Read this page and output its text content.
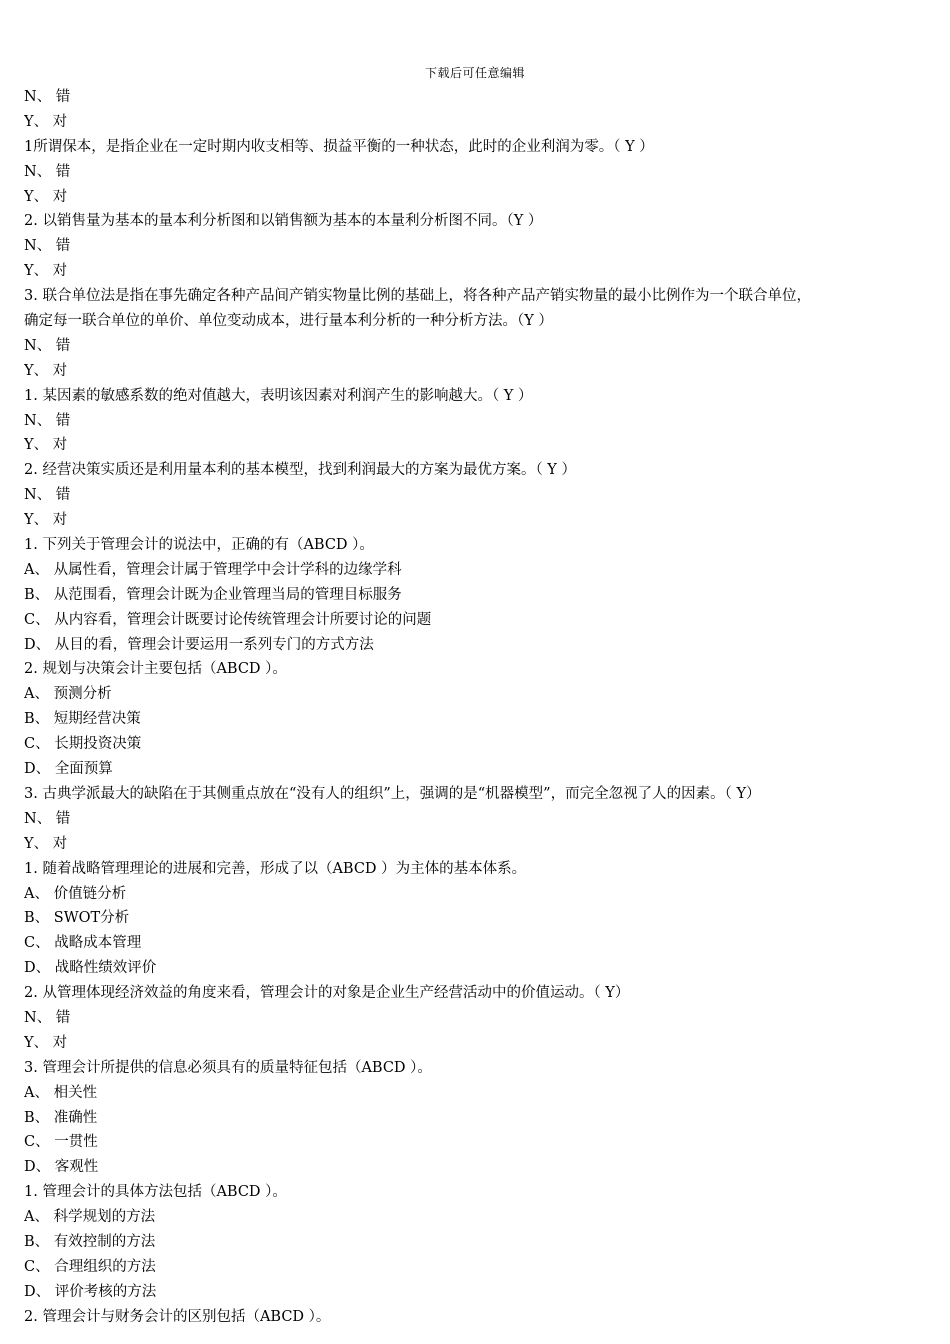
下载后可任意编辑
N、 错
Y、 对
1所谓保本，是指企业在一定时期内收支相等、损益平衡的一种状态，此时的企业利润为零。（ Y ）
N、 错
Y、 对
2. 以销售量为基本的量本利分析图和以销售额为基本的本量利分析图不同。（Y ）
N、 错
Y、 对
3. 联合单位法是指在事先确定各种产品间产销实物量比例的基础上，将各种产品产销实物量的最小比例作为一个联合单位，
确定每一联合单位的单价、单位变动成本，进行量本利分析的一种分析方法。（Y ）
N、 错
Y、 对
1. 某因素的敏感系数的绝对值越大，表明该因素对利润产生的影响越大。（ Y ）
N、 错
Y、 对
2. 经营决策实质还是利用量本利的基本模型，找到利润最大的方案为最优方案。（ Y ）
N、 错
Y、 对
1. 下列关于管理会计的说法中，正确的有（ABCD ）。
A、 从属性看，管理会计属于管理学中会计学科的边缘学科
B、 从范围看，管理会计既为企业管理当局的管理目标服务
C、 从内容看，管理会计既要讨论传统管理会计所要讨论的问题
D、 从目的看，管理会计要运用一系列专门的方式方法
2. 规划与决策会计主要包括（ABCD ）。
A、 预测分析
B、 短期经营决策
C、 长期投资决策
D、 全面预算
3. 古典学派最大的缺陷在于其侧重点放在“没有人的组织”上，强调的是“机器模型”，而完全忽视了人的因素。（ Y）
N、 错
Y、 对
1. 随着战略管理理论的进展和完善，形成了以（ABCD ）为主体的基本体系。
A、 价值链分析
B、 SWOT分析
C、 战略成本管理
D、 战略性绩效评价
2. 从管理体现经济效益的角度来看，管理会计的对象是企业生产经营活动中的价值运动。（ Y）
N、 错
Y、 对
3. 管理会计所提供的信息必须具有的质量特征包括（ABCD ）。
A、 相关性
B、 准确性
C、 一贯性
D、 客观性
1. 管理会计的具体方法包括（ABCD ）。
A、 科学规划的方法
B、 有效控制的方法
C、 合理组织的方法
D、 评价考核的方法
2. 管理会计与财务会计的区别包括（ABCD ）。
